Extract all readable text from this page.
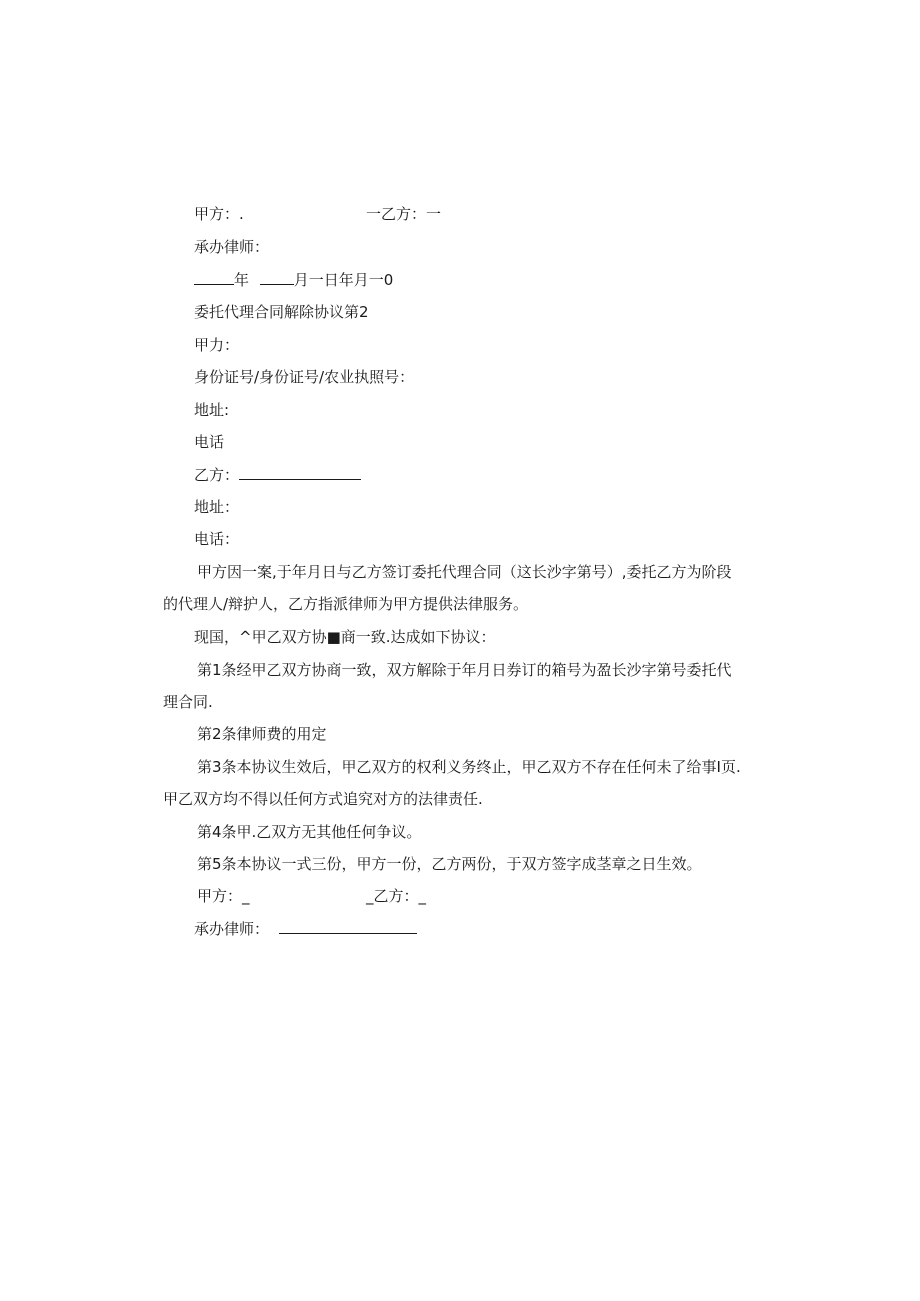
甲方：.	一乙方：一
承办律师：
年	月一日年月一0
委托代理合同解除协议第2
甲力：
身份证号/身份证号/农业执照号：
地址:
电话
乙方：
地址：
电话：
甲方因一案,于年月日与乙方签订委托代理合同（这长沙字第号）,委托乙方为阶段
的代理人/辩护人，乙方指派律师为甲方提供法律服务。
现国，^甲乙双方协■商一致.达成如下协议：
第1条经甲乙双方协商一致，双方解除于年月日券订的箱号为盈长沙字第号委托代
理合同.
第2条律师费的用定
第3条本协议生效后，甲乙双方的权利义务终止，甲乙双方不存在任何未了给事I页.
甲乙双方均不得以任何方式追究对方的法律责任.
第4条甲.乙双方无其他任何争议。
第5条本协议一式三份，甲方一份，乙方两份，于双方签字成茎章之日生效。
甲方：_	_乙方：_
承办律师：
